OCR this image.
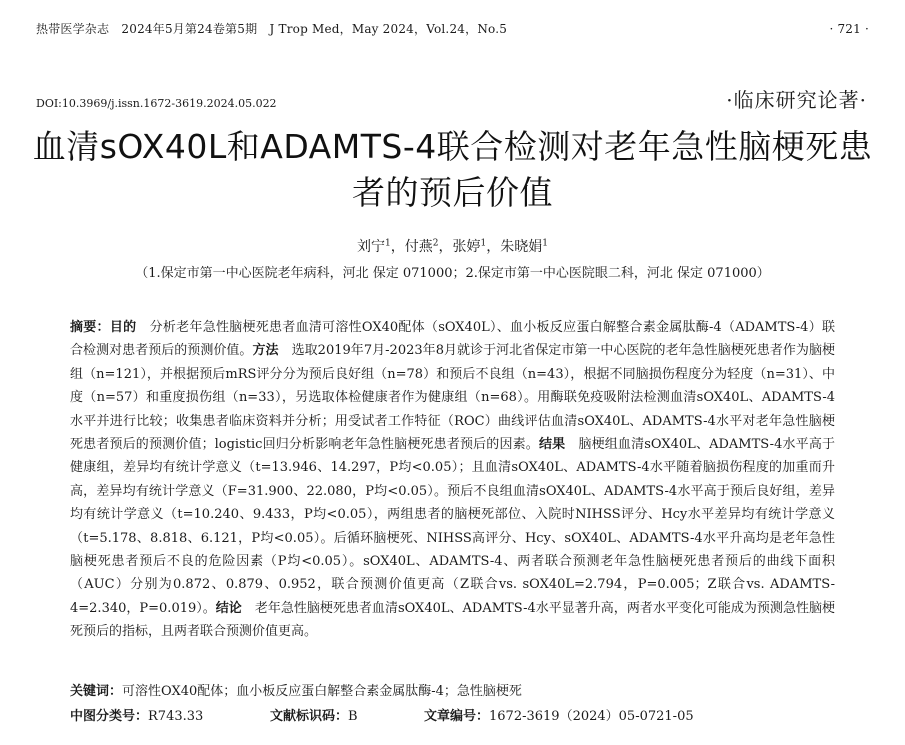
热带医学杂志　2024年5月第24卷第5期　J Trop Med，May 2024，Vol.24，No.5	· 721 ·
DOI:10.3969/j.issn.1672-3619.2024.05.022	·临床研究论著·
血清sOX40L和ADAMTS-4联合检测对老年急性脑梗死患者的预后价值
刘宁$^1$，付燕$^2$，张婷$^1$，朱晓娟$^1$
（1.保定市第一中心医院老年病科，河北 保定 071000；2.保定市第一中心医院眼二科，河北 保定 071000）
摘要：目的　 分析老年急性脑梗死患者血清可溶性OX40配体（sOX40L）、血小板反应蛋白解整合素金属肽酶-4（ADAMTS-4）联合检测对患者预后的预测价值。方法　 选取2019年7月-2023年8月就诊于河北省保定市第一中心医院的老年急性脑梗死患者作为脑梗组（n=121），并根据预后mRS评分分为预后良好组（n=78）和预后不良组（n=43），根据不同脑损伤程度分为轻度（n=31）、中度（n=57）和重度损伤组（n=33），另选取体检健康者作为健康组（n=68）。用酶联免疫吸附法检测血清sOX40L、ADAMTS-4水平并进行比较；收集患者临床资料并分析；用受试者工作特征（ROC）曲线评估血清sOX40L、ADAMTS-4水平对老年急性脑梗死患者预后的预测价值；logistic回归分析影响老年急性脑梗死患者预后的因素。结果　 脑梗组血清sOX40L、ADAMTS-4水平高于健康组，差异均有统计学意义（t=13.946、14.297，P均<0.05）；且血清sOX40L、ADAMTS-4水平随着脑损伤程度的加重而升高，差异均有统计学意义（F=31.900、22.080，P均<0.05）。预后不良组血清sOX40L、ADAMTS-4水平高于预后良好组，差异均有统计学意义（t=10.240、9.433，P均<0.05），两组患者的脑梗死部位、入院时NIHSS评分、Hcy水平差异均有统计学意义（t=5.178、8.818、6.121，P均<0.05）。后循环脑梗死、NIHSS高评分、Hcy、sOX40L、ADAMTS-4水平升高均是老年急性脑梗死患者预后不良的危险因素（P均<0.05）。sOX40L、ADAMTS-4、两者联合预测老年急性脑梗死患者预后的曲线下面积（AUC）分别为0.872、0.879、0.952，联合预测价值更高（Z联合vs. sOX40L=2.794，P=0.005；Z联合vs. ADAMTS-4=2.340，P=0.019）。结论　 老年急性脑梗死患者血清sOX40L、ADAMTS-4水平显著升高，两者水平变化可能成为预测急性脑梗死预后的指标，且两者联合预测价值更高。
关键词：可溶性OX40配体；血小板反应蛋白解整合素金属肽酶-4；急性脑梗死
中图分类号：R743.33	文献标识码：B	文章编号：1672-3619（2024）05-0721-05
